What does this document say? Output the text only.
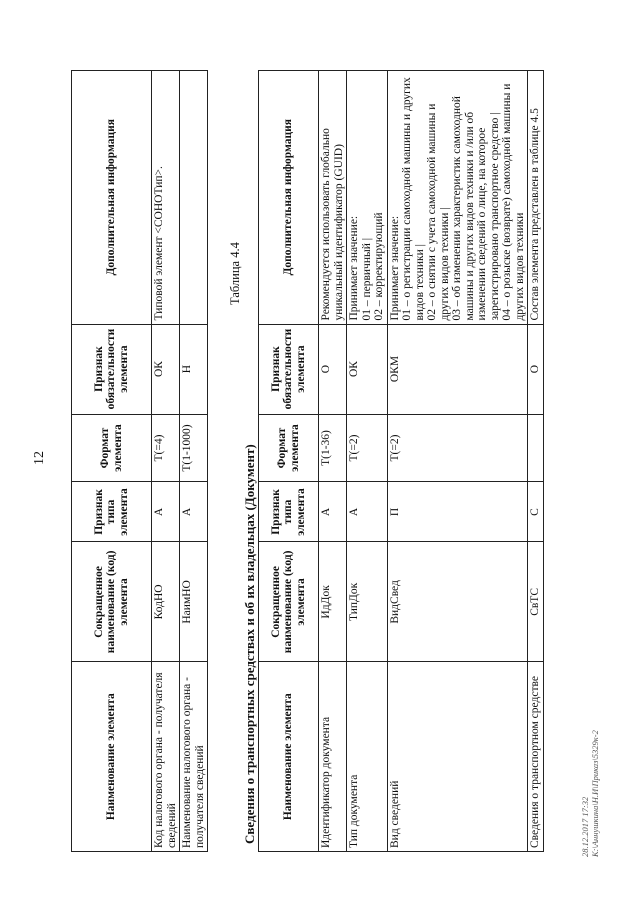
12
Наименование элемента	Сокращенное наименование (код) элемента	Признак типа элемента	Формат элемента	Признак обязательности элемента	Дополнительная информация
Код налогового органа - получателя сведений	КодНО	А	T(=4)	ОК	Типовой элемент <СОНОТип>.
Наименование налогового органа - получателя сведений	НаимНО	А	T(1-1000)	Н	
Таблица 4.4
Сведения о транспортных средствах и об их владельцах (Документ) Наименование элемента	Сокращенное наименование (код) элемента	Признак типа элемента	Формат элемента	Признак обязательности элемента	Дополнительная информация
Идентификатор документа	ИдДок	А	T(1-36)	О	Рекомендуется использовать глобально уникальный идентификатор (GUID)

Тип документа	ТипДок	А	T(=2)	ОК	Принимает значение: 01 – первичный | 02 – корректирующий

Вид сведений	ВидСвед	П	T(=2)	ОКМ	Принимает значение: 01 – о регистрации самоходной машины и других видов техники | 02 – о снятии с учета самоходной машины и других видов техники | 03 – об изменении характеристик самоходной машины и других видов техники и /или об изменении сведений о лице, на которое зарегистрировано транспортное средство | 04 – о розыске (возврате) самоходной машины и других видов техники

Сведения о транспортном средстве	СвТС	С		О	Состав элемента представлен в таблице 4.5
28.12.2017 17:32 К:\Аннушкина\Н.И\Приказ\5329к-2
